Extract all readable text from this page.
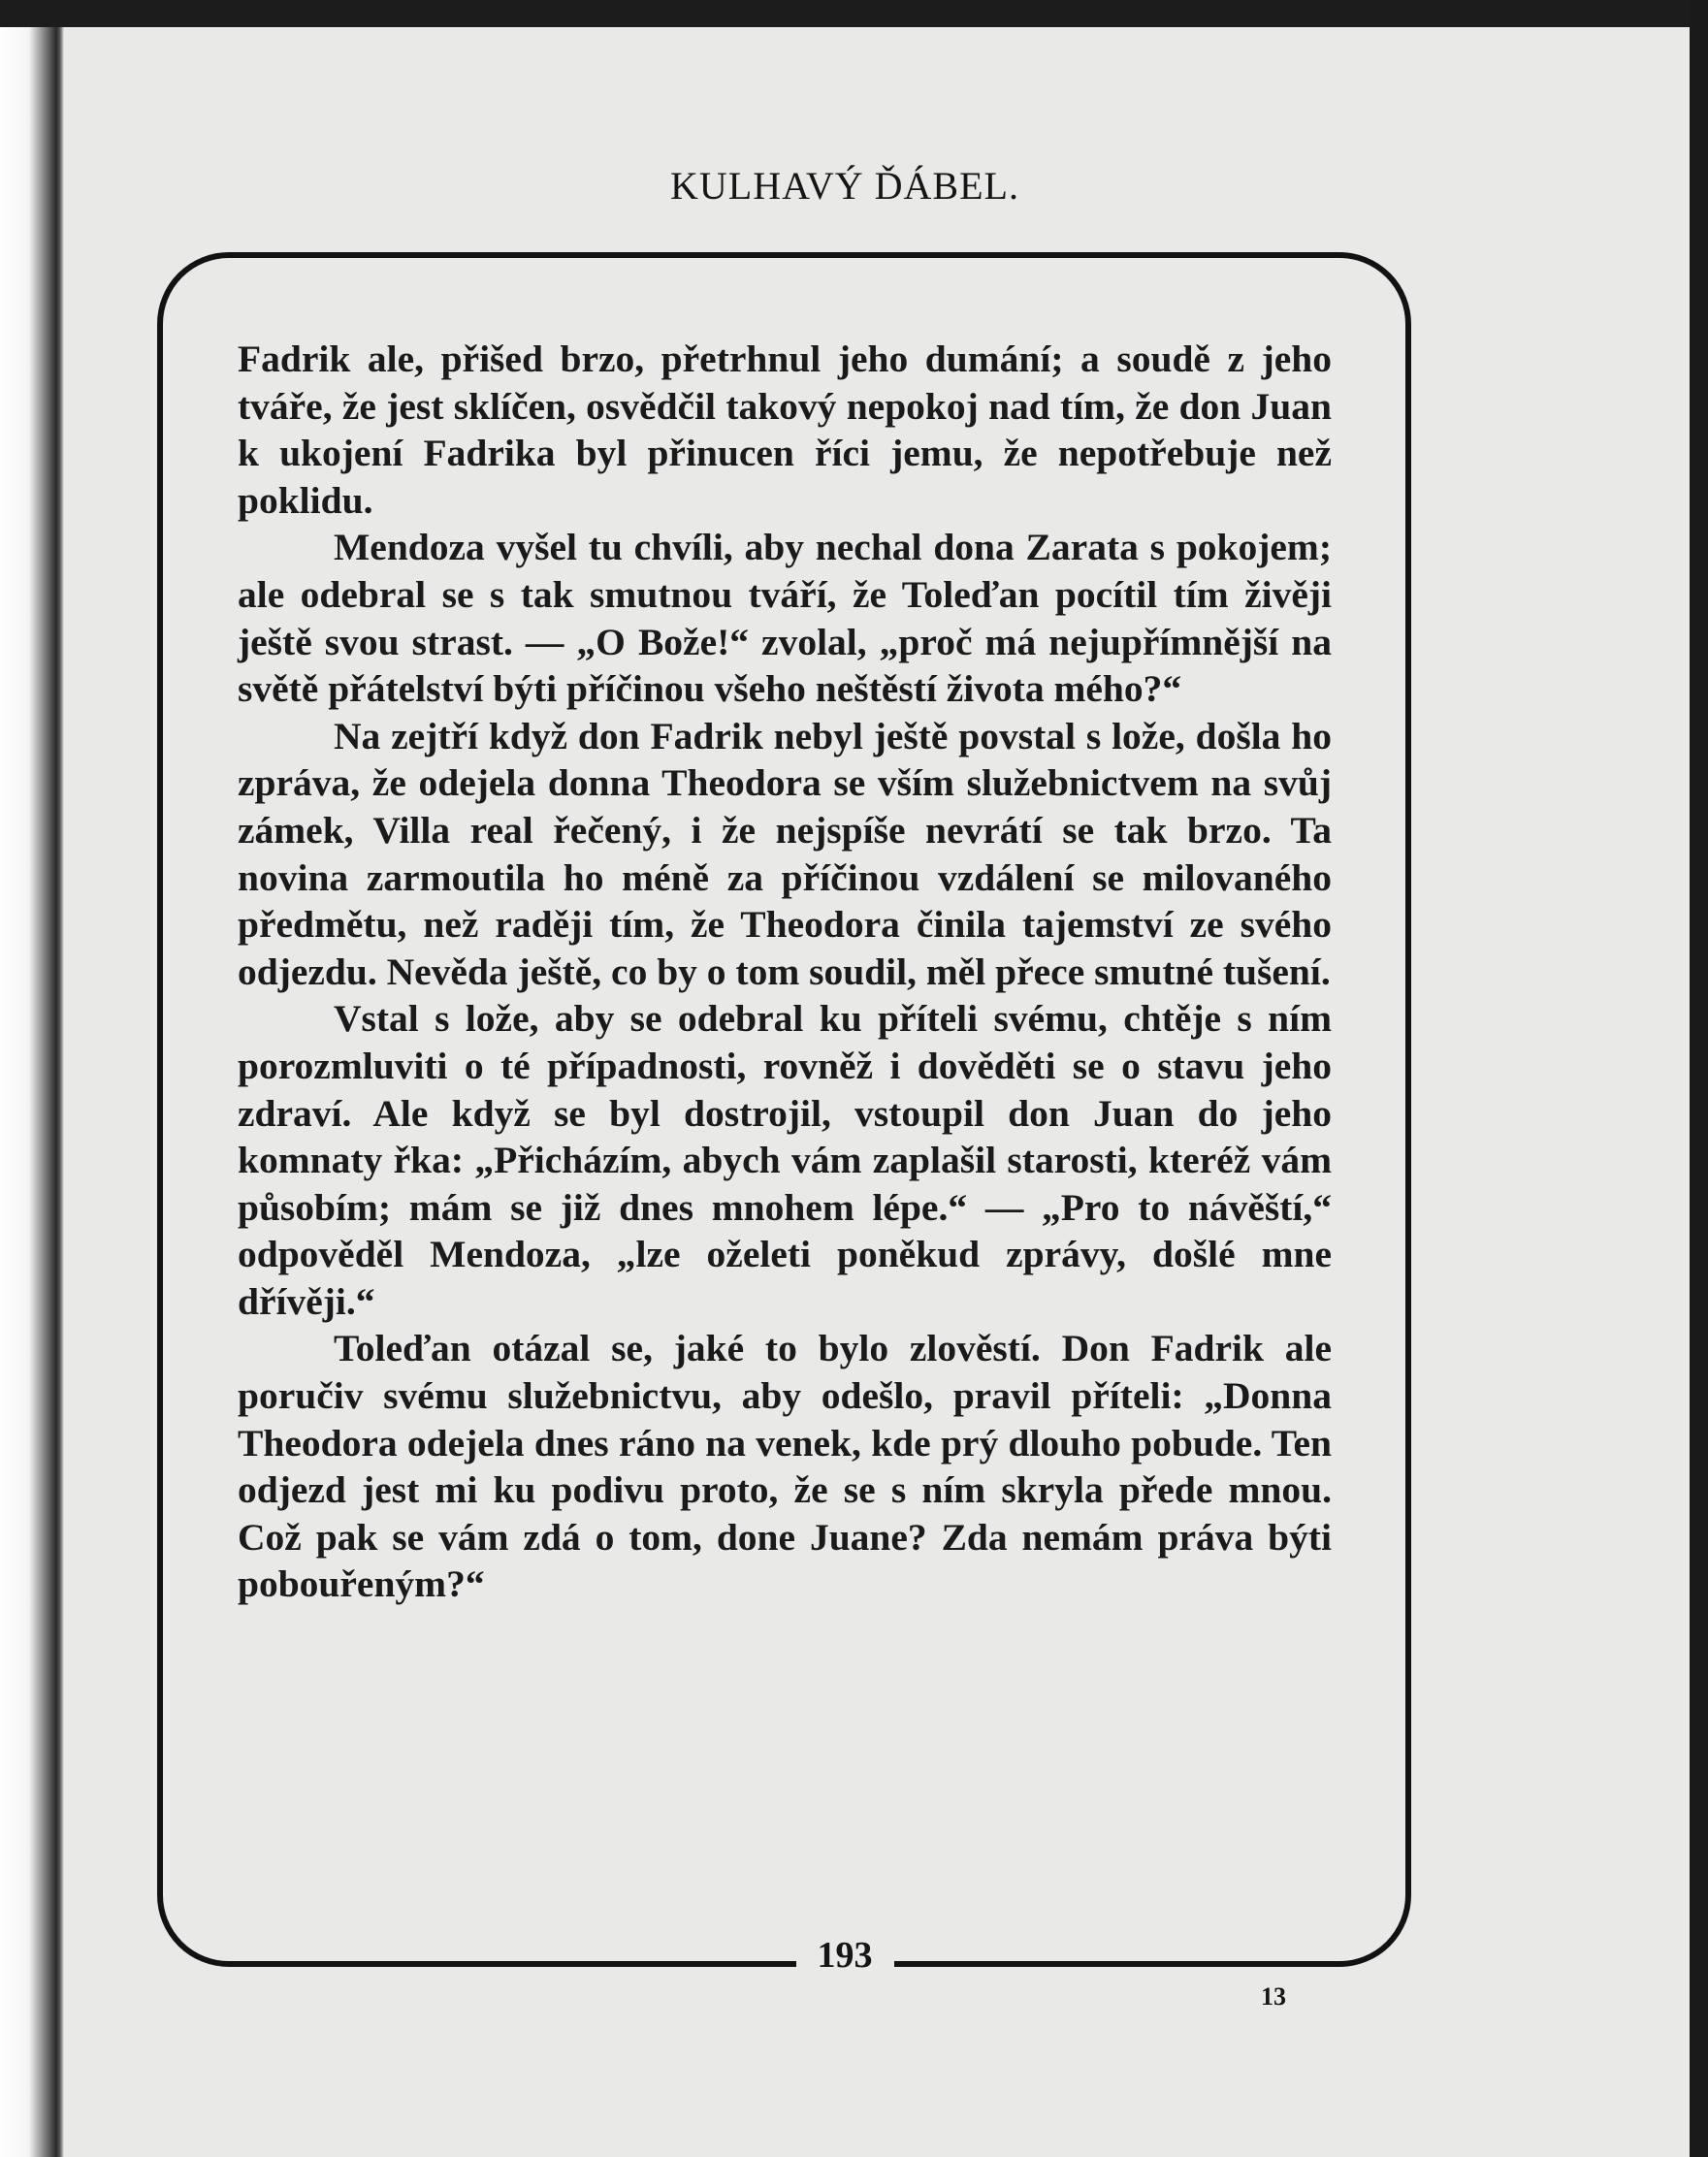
KULHAVÝ ĎÁBEL.

Fadrik ale, přišed brzo, přetrhnul jeho dumání; a soudě z jeho tváře, že jest sklíčen, osvědčil takový nepokoj nad tím, že don Juan k ukojení Fadrika byl přinucen říci jemu, že nepotřebuje než poklidu.

Mendoza vyšel tu chvíli, aby nechal dona Zarata s pokojem; ale odebral se s tak smutnou tváří, že Toleďan pocítil tím živěji ještě svou strast. — „O Bože!“ zvolal, „proč má nejupřímnější na světě přátelství býti příčinou všeho neštěstí života mého?“

Na zejtří když don Fadrik nebyl ještě povstal s lože, došla ho zpráva, že odejela donna Theodora se vším služebnictvem na svůj zámek, Villa real řečený, i že nejspíše nevrátí se tak brzo. Ta novina zarmoutila ho méně za příčinou vzdálení se milovaného předmětu, než raději tím, že Theodora činila tajemství ze svého odjezdu. Nevěda ještě, co by o tom soudil, měl přece smutné tušení.

Vstal s lože, aby se odebral ku příteli svému, chtěje s ním porozmluviti o té případnosti, rovněž i dověděti se o stavu jeho zdraví. Ale když se byl dostrojil, vstoupil don Juan do jeho komnaty řka: „Přicházím, abych vám zaplašil starosti, kteréž vám působím; mám se již dnes mnohem lépe.“ — „Pro to návěští,“ odpověděl Mendoza, „lze oželeti poněkud zprávy, došlé mne dřívěji.“

Toleďan otázal se, jaké to bylo zlověstí. Don Fadrik ale poručiv svému služebnictvu, aby odešlo, pravil příteli: „Donna Theodora odejela dnes ráno na venek, kde prý dlouho pobude. Ten odjezd jest mi ku podivu proto, že se s ním skryla přede mnou. Což pak se vám zdá o tom, done Juane? Zda nemám práva býti pobouřeným?“

193
13
